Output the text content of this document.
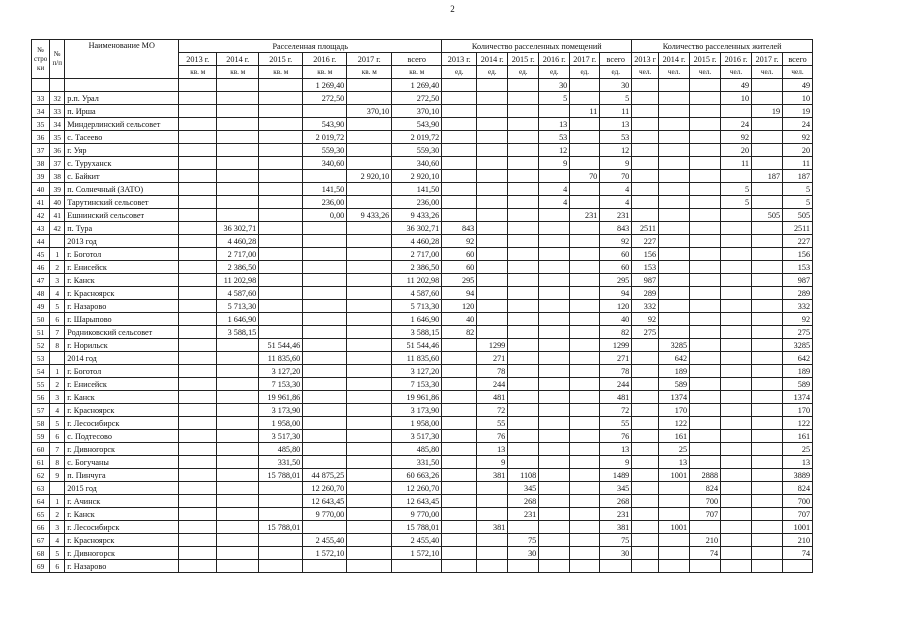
2
№ стро ки	№ п/п	Наименование МО	Расселенная площадь						Количество расселенных помещений						Количество расселенных жителей					
			2013 г.	2014 г.	2015 г.	2016 г.	2017 г.	всего	2013 г.	2014 г.	2015 г.	2016 г.	2017 г.	всего	2013 г	2014 г.	2015 г.	2016 г.	2017 г.	всего
			кв. м	кв. м	кв. м	кв. м	кв. м	кв. м	ед.	ед.	ед.	ед.	ед.	ед.	чел.	чел.	чел.	чел.	чел.	чел.
						1 269,40		1 269,40				30		30				49		49
33	32	р.п. Урал				272,50		272,50				5		5				10		10
34	33	п. Ирша					370,10	370,10					11	11					19	19
35	34	Миндерлинский сельсовет				543,90		543,90				13		13				24		24
36	35	с. Тасеево				2 019,72		2 019,72				53		53				92		92
37	36	г. Уяр				559,30		559,30				12		12				20		20
38	37	с. Туруханск				340,60		340,60				9		9				11		11
39	38	с. Байкит					2 920,10	2 920,10					70	70					187	187
40	39	п. Солнечный (ЗАТО)				141,50		141,50				4		4				5		5
41	40	Тарутинский сельсовет				236,00		236,00				4		4				5		5
42	41	Ешнинский сельсовет				0,00	9 433,26	9 433,26					231	231					505	505
43	42	п. Тура		36 302,71				36 302,71	843					843	2511					2511
44		2013 год		4 460,28				4 460,28	92					92	227					227
45	1	г. Боготол		2 717,00				2 717,00	60					60	156					156
46	2	г. Енисейск		2 386,50				2 386,50	60					60	153					153
47	3	г. Канск		11 202,98				11 202,98	295					295	987					987
48	4	г. Красноярск		4 587,60				4 587,60	94					94	289					289
49	5	г. Назарово		5 713,30				5 713,30	120					120	332					332
50	6	г. Шарыпово		1 646,90				1 646,90	40					40	92					92
51	7	Родниковский сельсовет		3 588,15				3 588,15	82					82	275					275
52	8	г. Норильск			51 544,46			51 544,46		1299				1299		3285				3285
53		2014 год			11 835,60			11 835,60		271				271		642				642
54	1	г. Боготол			3 127,20			3 127,20		78				78		189				189
55	2	г. Енисейск			7 153,30			7 153,30		244				244		589				589
56	3	г. Канск			19 961,86			19 961,86		481				481		1374				1374
57	4	г. Красноярск			3 173,90			3 173,90		72				72		170				170
58	5	г. Лесосибирск			1 958,00			1 958,00		55				55		122				122
59	6	с. Подтесово			3 517,30			3 517,30		76				76		161				161
60	7	г. Дивногорск			485,80			485,80		13				13		25				25
61	8	с. Богучаны			331,50			331,50		9				9		13				13
62	9	п. Пинчуга			15 788,01	44 875,25		60 663,26		381	1108			1489		1001	2888			3889
63		2015 год				12 260,70		12 260,70			345			345			824			824
64	1	г. Ачинск				12 643,45		12 643,45			268			268			700			700
65	2	г. Канск				9 770,00		9 770,00			231			231			707			707
66	3	г. Лесосибирск			15 788,01			15 788,01		381				381		1001				1001
67	4	г. Красноярск				2 455,40		2 455,40			75			75			210			210
68	5	г. Дивногорск				1 572,10		1 572,10			30			30			74			74
69	6	г. Назарово																		
